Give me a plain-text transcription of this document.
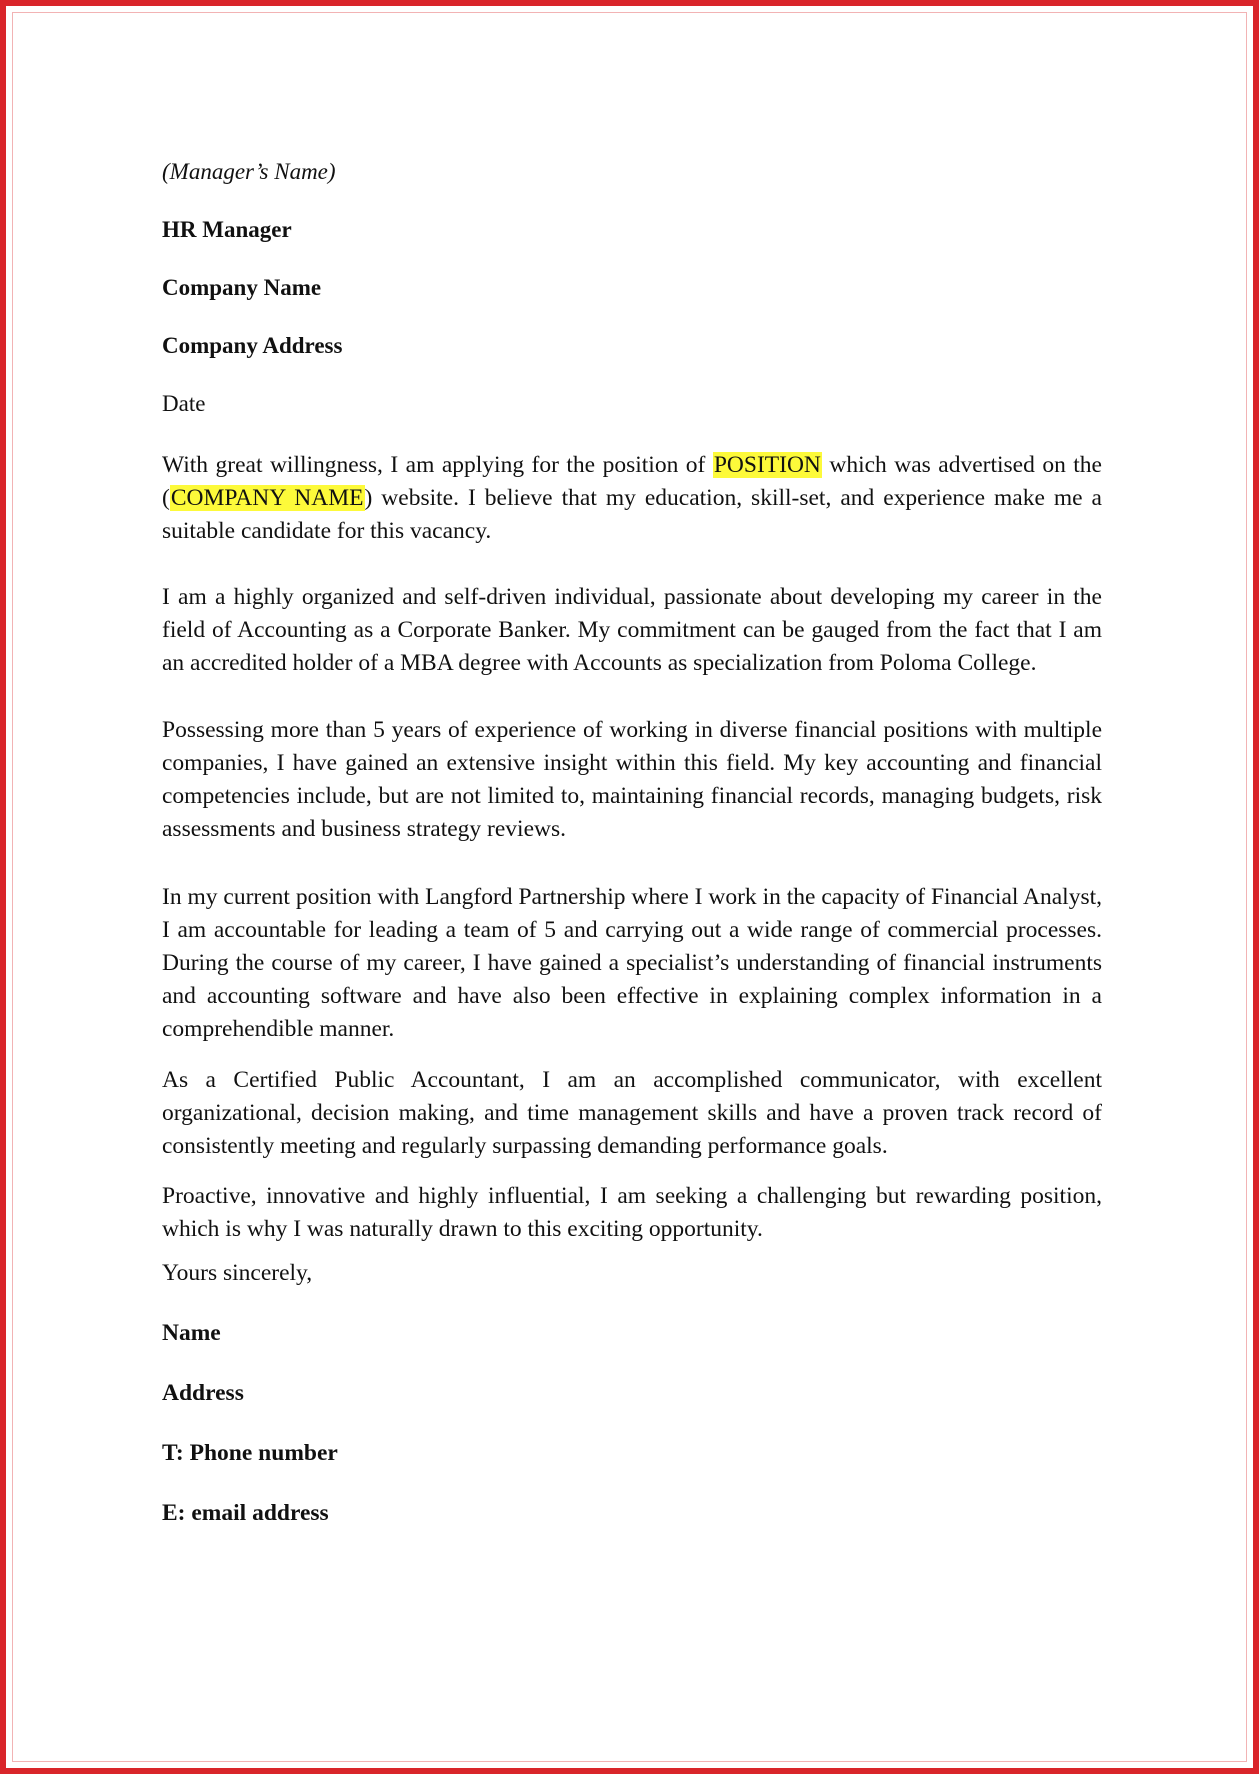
(Manager’s Name)

HR Manager

Company Name

Company Address

Date

With great willingness, I am applying for the position of POSITION which was advertised on the (COMPANY NAME) website. I believe that my education, skill-set, and experience make me a suitable candidate for this vacancy.

I am a highly organized and self-driven individual, passionate about developing my career in the field of Accounting as a Corporate Banker. My commitment can be gauged from the fact that I am an accredited holder of a MBA degree with Accounts as specialization from Poloma College.

Possessing more than 5 years of experience of working in diverse financial positions with multiple companies, I have gained an extensive insight within this field. My key accounting and financial competencies include, but are not limited to, maintaining financial records, managing budgets, risk assessments and business strategy reviews.

In my current position with Langford Partnership where I work in the capacity of Financial Analyst, I am accountable for leading a team of 5 and carrying out a wide range of commercial processes. During the course of my career, I have gained a specialist’s understanding of financial instruments and accounting software and have also been effective in explaining complex information in a comprehendible manner.

As a Certified Public Accountant, I am an accomplished communicator, with excellent organizational, decision making, and time management skills and have a proven track record of consistently meeting and regularly surpassing demanding performance goals.

Proactive, innovative and highly influential, I am seeking a challenging but rewarding position, which is why I was naturally drawn to this exciting opportunity.

Yours sincerely,

Name

Address

T: Phone number

E: email address
